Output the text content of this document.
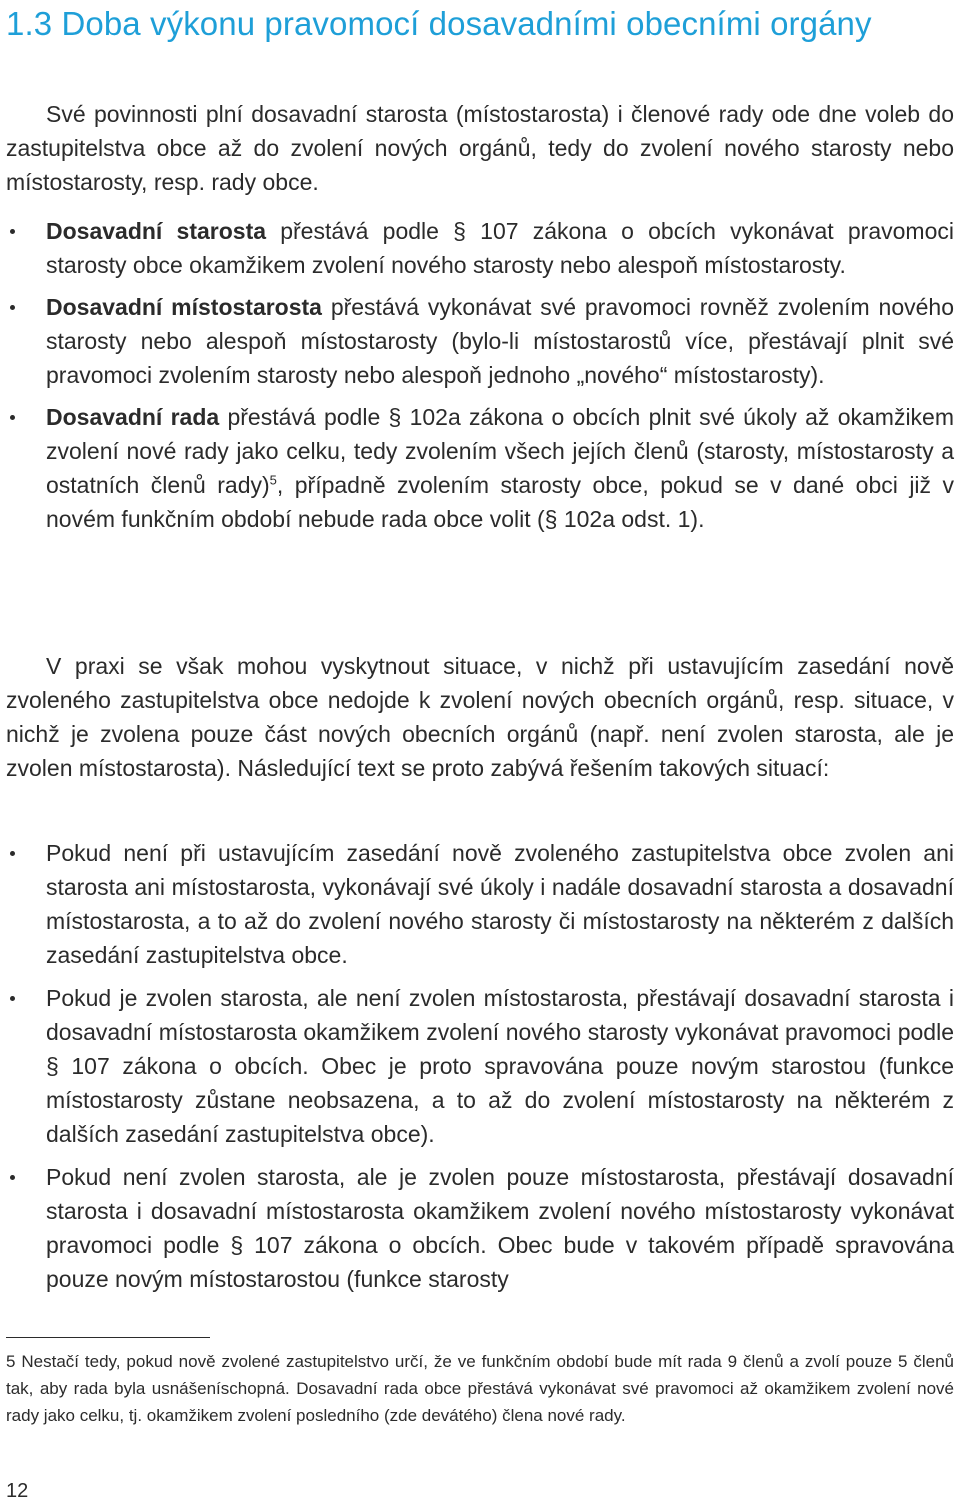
1.3 Doba výkonu pravomocí dosavadními obecními orgány

Své povinnosti plní dosavadní starosta (místostarosta) i členové rady ode dne voleb do zastupitelstva obce až do zvolení nových orgánů, tedy do zvolení nového starosty nebo místostarosty, resp. rady obce.

Dosavadní starosta přestává podle § 107 zákona o obcích vykonávat pravomoci starosty obce okamžikem zvolení nového starosty nebo alespoň místostarosty.
Dosavadní místostarosta přestává vykonávat své pravomoci rovněž zvolením nového starosty nebo alespoň místostarosty (bylo-li místostarostů více, přestávají plnit své pravomoci zvolením starosty nebo alespoň jednoho „nového“ místostarosty).
Dosavadní rada přestává podle § 102a zákona o obcích plnit své úkoly až okamžikem zvolení nové rady jako celku, tedy zvolením všech jejích členů (starosty, místostarosty a ostatních členů rady)$^5$, případně zvolením starosty obce, pokud se v dané obci již v novém funkčním období nebude rada obce volit (§ 102a odst. 1).

V praxi se však mohou vyskytnout situace, v nichž při ustavujícím zasedání nově zvoleného zastupitelstva obce nedojde k zvolení nových obecních orgánů, resp. situace, v nichž je zvolena pouze část nových obecních orgánů (např. není zvolen starosta, ale je zvolen místostarosta). Následující text se proto zabývá řešením takových situací:

Pokud není při ustavujícím zasedání nově zvoleného zastupitelstva obce zvolen ani starosta ani místostarosta, vykonávají své úkoly i nadále dosavadní starosta a dosavadní místostarosta, a to až do zvolení nového starosty či místostarosty na některém z dalších zasedání zastupitelstva obce.
Pokud je zvolen starosta, ale není zvolen místostarosta, přestávají dosavadní starosta i dosavadní místostarosta okamžikem zvolení nového starosty vykonávat pravomoci podle § 107 zákona o obcích. Obec je proto spravována pouze novým starostou (funkce místostarosty zůstane neobsazena, a to až do zvolení místostarosty na některém z dalších zasedání zastupitelstva obce).
Pokud není zvolen starosta, ale je zvolen pouze místostarosta, přestávají dosavadní starosta i dosavadní místostarosta okamžikem zvolení nového místostarosty vykonávat pravomoci podle § 107 zákona o obcích. Obec bude v takovém případě spravována pouze novým místostarostou (funkce starosty

5 Nestačí tedy, pokud nově zvolené zastupitelstvo určí, že ve funkčním období bude mít rada 9 členů a zvolí pouze 5 členů tak, aby rada byla usnášeníschopná. Dosavadní rada obce přestává vykonávat své pravomoci až okamžikem zvolení nové rady jako celku, tj. okamžikem zvolení posledního (zde devátého) člena nové rady.

12
